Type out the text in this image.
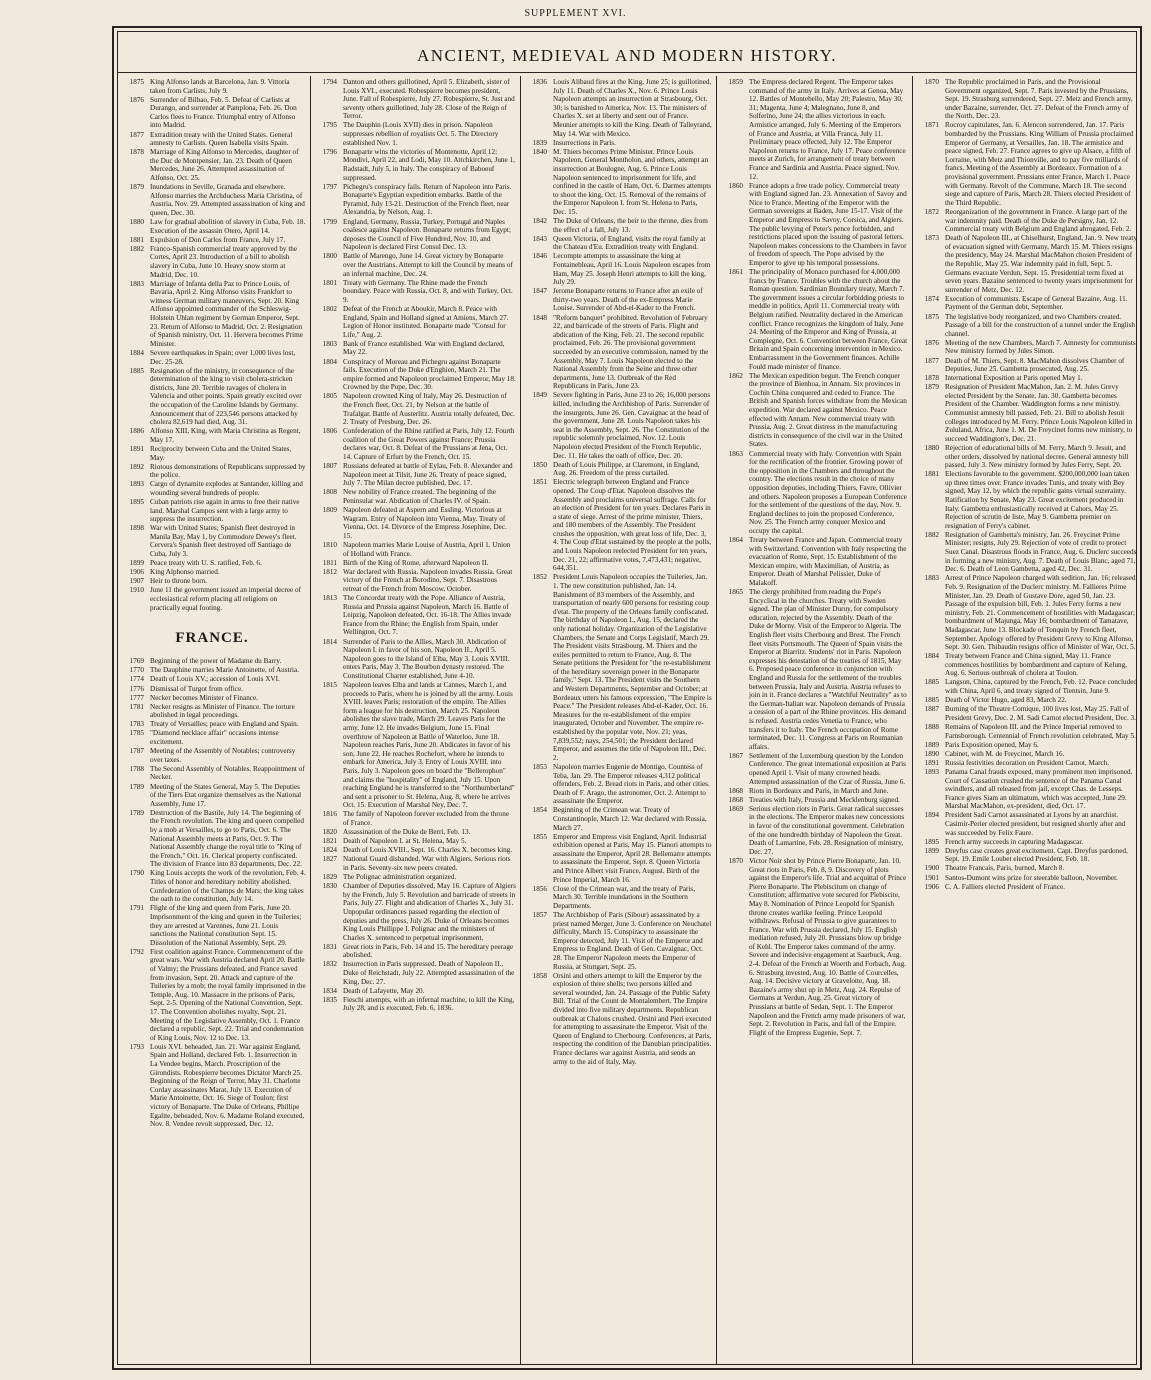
SUPPLEMENT XVI.
ANCIENT, MEDIEVAL AND MODERN HISTORY.
1875 King Alfonso lands at Barcelona, Jan. 9. Vittoria taken from Carlists, July 9.
1876 Surrender of Bilbao, Feb. 5. Defeat of Carlists at Durango, and surrender at Pamplona, Feb. 26. Don Carlos flees to France. Triumphal entry of Alfonso into Madrid.
1877 Extradition treaty with the United States. General amnesty to Carlists. Queen Isabella visits Spain.
1878 Marriage of King Alfonso to Mercedes, daughter of the Duc de Montpensier, Jan. 23. Death of Queen Mercedes, June 26. Attempted assassination of Alfonso, Oct. 25.
1879 Inundations in Seville, Granada and elsewhere. Alfonso marries the Archduchess Maria Christina, of Austria, Nov. 29. Attempted assassination of king and queen, Dec. 30.
1880 Law for gradual abolition of slavery in Cuba, Feb. 18. Execution of the assassin Otero, April 14.
1881 Expulsion of Don Carlos from France, July 17.
1882 Franco-Spanish commercial treaty approved by the Cortes, April 23. Introduction of a bill to abolish slavery in Cuba, June 10. Heavy snow storm at Madrid, Dec. 10.
1883 Marriage of Infanta della Paz to Prince Louis, of Bavaria, April 2. King Alfonso visits Frankfort to witness German military maneuvers, Sept. 20. King Alfonso appointed commander of the Schleswig-Holstein Uhlan regiment by German Emperor, Sept. 23. Return of Alfonso to Madrid, Oct. 2. Resignation of Spanish ministry, Oct. 11. Hervera becomes Prime Minister.
1884 Severe earthquakes in Spain; over 1,000 lives lost, Dec. 25-28.
1885 Resignation of the ministry, in consequence of the determination of the king to visit cholera-stricken districts, June 20. Terrible ravages of cholera in Valencia and other points. Spain greatly excited over the occupation of the Caroline Islands by Germany. Announcement that of 223,546 persons attacked by cholera 82,619 had died, Aug. 31.
1886 Alfonso XIII, King, with Maria Christina as Regent, May 17.
1891 Reciprocity between Cuba and the United States, May.
1892 Riotous demonstrations of Republicans suppressed by the police.
1893 Cargo of dynamite explodes at Santander, killing and wounding several hundreds of people.
1895 Cuban patriots rise again in arms to free their native land. Marshal Campos sent with a large army to suppress the insurrection.
1898 War with United States; Spanish fleet destroyed in Manila Bay, May 1, by Commodore Dewey's fleet. Cervera's Spanish fleet destroyed off Santiago de Cuba, July 3.
1899 Peace treaty with U. S. ratified, Feb. 6.
1906 King Alphonso married.
1907 Heir to throne born.
1910 June 11 the government issued an imperial decree of ecclesiastical reform placing all religions on practically equal footing.
FRANCE.
1769 Beginning of the power of Madame du Barry.
1770 The Dauphine marries Marie Antoinette, of Austria.
1774 Death of Louis XV.; accession of Louis XVI.
1776 Dismissal of Turgot from office.
1777 Necker becomes Minister of Finance.
1781 Necker resigns as Minister of Finance. The torture abolished in legal proceedings.
1783 Treaty of Versailles; peace with England and Spain.
1785 "Diamond necklace affair" occasions intense excitement.
1787 Meeting of the Assembly of Notables; controversy over taxes.
1788 The Second Assembly of Notables. Reappointment of Necker.
1789 Meeting of the States General, May 5. The Deputies of the Tiers Etat organize themselves as the National Assembly, June 17.
1789 Destruction of the Bastile, July 14. The beginning of the French revolution. The king and queen compelled by a mob at Versailles, to go to Paris, Oct. 6. The National Assembly meets at Paris, Oct. 9. The National Assembly change the royal title to "King of the French," Oct. 16. Clerical property confiscated. The division of France into 83 departments, Dec. 22.
1790 King Louis accepts the work of the revolution, Feb. 4. Titles of honor and hereditary nobility abolished. Confederation of the Champs de Mars; the king takes the oath to the constitution, July 14.
1791 Flight of the king and queen from Paris, June 20. Imprisonment of the king and queen in the Tuileries; they are arrested at Varennes, June 21. Louis sanctions the National constitution Sept. 15. Dissolution of the National Assembly, Sept. 29.
1792 First coalition against France. Commencement of the great wars. War with Austria declared April 20. Battle of Valmy; the Prussians defeated, and France saved from invasion, Sept. 20. Attack and capture of the Tuileries by a mob; the royal family imprisoned in the Temple, Aug. 10. Massacre in the prisons of Paris, Sept. 2-5. Opening of the National Convention, Sept. 17. The Convention abolishes royalty, Sept. 21. Meeting of the Legislative Assembly, Oct. 1. France declared a republic, Sept. 22. Trial and condemnation of King Louis, Nov. 12 to Dec. 13.
1793 Louis XVI. beheaded, Jan. 21. War against England, Spain and Holland, declared Feb. 1. Insurrection in La Vendee begins, March. Proscription of the Girondists. Robespierre becomes Dictator March 25. Beginning of the Reign of Terror, May 31. Charlotte Corday assassinates Marat, July 13. Execution of Marie Antoinette, Oct. 16. Siege of Toulon; first victory of Bonaparte. The Duke of Orleans, Phillipe Egalite, beheaded, Nov. 6. Madame Roland executed, Nov. 8. Vendee revolt suppressed, Dec. 12.
1794 Danton and others guillotined, April 5. Elizabeth, sister of Louis XVI., executed. Robespierre becomes president, June. Fall of Robespierre, July 27. Robespierre, St. Just and seventy others guillotined, July 28. Close of the Reign of Terror.
1795 The Dauphin (Louis XVII) dies in prison. Napoleon suppresses rebellion of royalists Oct. 5. The Directory established Nov. 1.
1796 Bonaparte wins the victories of Montenotte, April 12; Mondivi, April 22, and Lodi, May 10. Attchkirchen, June 1, Radstadt, July 5, in Italy. The conspiracy of Baboeuf suppressed.
1797 Pichegru's conspiracy fails. Return of Napoleon into Paris. Bonaparte's Egyptian expedition embarks. Battle of the Pyramid, July 13-21. Destruction of the French fleet, near Alexandria, by Nelson, Aug. 1.
1799 England, Germany, Russia, Turkey, Portugal and Naples coalesce against Napoleon. Bonaparte returns from Egypt; deposes the Council of Five Hundred, Nov. 10, and Napoleon is declared First Consul Dec. 13.
1800 Battle of Marengo, June 14. Great victory by Bonaparte over the Austrians. Attempt to kill the Council by means of an infernal machine, Dec. 24.
1801 Treaty with Germany. The Rhine made the French boundary. Peace with Russia, Oct. 8, and with Turkey, Oct. 9.
1802 Defeat of the French at Aboukir, March 8. Peace with England, Spain and Holland signed at Amiens, March 27. Legion of Honor instituted. Bonaparte made "Consul for Life," Aug. 2.
1803 Bank of France established. War with England declared, May 22.
1804 Conspiracy of Moreau and Pichegru against Bonaparte fails. Execution of the Duke d'Enghien, March 21. The empire formed and Napoleon proclaimed Emperor, May 18. Crowned by the Pope, Dec. 30.
1805 Napoleon crowned King of Italy, May 26. Destruction of the French fleet, Oct. 21, by Nelson at the battle of Trafalgar. Battle of Austerlitz. Austria totally defeated, Dec. 2. Treaty of Presburg, Dec. 26.
1806 Confederation of the Rhine ratified at Paris, July 12. Fourth coalition of the Great Powers against France; Prussia declares war, Oct. 8. Defeat of the Prussians at Jena, Oct. 14. Capture of Erfurt by the French, Oct. 15.
1807 Russians defeated at battle of Eylau, Feb. 8. Alexander and Napoleon meet at Tilsit, June 26. Treaty of peace signed, July 7. The Milan decree published, Dec. 17.
1808 New nobility of France created. The beginning of the Peninsular war. Abdication of Charles IV. of Spain.
1809 Napoleon defeated at Aspern and Essling. Victorious at Wagram. Entry of Napoleon into Vienna, May. Treaty of Vienna, Oct. 14. Divorce of the Empress Josephine, Dec. 15.
1810 Napoleon marries Marie Louise of Austria, April 1. Union of Holland with France.
1811 Birth of the King of Rome, afterward Napoleon II.
1812 War declared with Russia. Napoleon invades Russia. Great victory of the French at Borodino, Sept. 7. Disastrous retreat of the French from Moscow, October.
1813 The Concordat treaty with the Pope. Alliance of Austria, Russia and Prussia against Napoleon, March 16. Battle of Leipzig. Napoleon defeated, Oct. 16-18. The Allies invade France from the Rhine; the English from Spain, under Wellington, Oct. 7.
1814 Surrender of Paris to the Allies, March 30. Abdication of Napoleon I. in favor of his son, Napoleon II., April 5. Napoleon goes to the Island of Elba, May 3. Louis XVIII. enters Paris, May 3. The Bourbon dynasty restored. The Constitutional Charter established, June 4-10.
1815 Napoleon leaves Elba and lands at Cannes, March 1, and proceeds to Paris, where he is joined by all the army. Louis XVIII. leaves Paris; restoration of the empire. The Allies form a league for his destruction, March 25. Napoleon abolishes the slave trade, March 29. Leaves Paris for the army, June 12. He invades Belgium, June 15. Final overthrow of Napoleon at Battle of Waterloo, June 18. Napoleon reaches Paris, June 20. Abdicates in favor of his son, June 22. He reaches Rochefort, where he intends to embark for America, July 3. Entry of Louis XVIII. into Paris, July 3. Napoleon goes on board the "Bellerophon" and claims the "hospitality" of England, July 15. Upon reaching England he is transferred to the "Northumberland" and sent a prisoner to St. Helena, Aug. 8, where he arrives Oct. 15. Execution of Marshal Ney, Dec. 7.
1816 The family of Napoleon forever excluded from the throne of France.
1820 Assassination of the Duke de Berri, Feb. 13.
1821 Death of Napoleon I. at St. Helena, May 5.
1824 Death of Louis XVIII., Sept. 16. Charles X. becomes king.
1827 National Guard disbanded. War with Algiers. Serious riots in Paris. Seventy-six new peers created.
1829 The Polignac administration organized.
1830 Chamber of Deputies dissolved, May 16. Capture of Algiers by the French, July 5. Revolution and barricade of streets in Paris, July 27. Flight and abdication of Charles X., July 31. Unpopular ordinances passed regarding the election of deputies and the press, July 26. Duke of Orleans becomes King Louis Phillippe I. Polignac and the ministers of Charles X. sentenced to perpetual imprisonment.
1831 Great riots in Paris, Feb. 14 and 15. The hereditary peerage abolished.
1832 Insurrection in Paris suppressed. Death of Napoleon II., Duke of Reichstadt, July 22. Attempted assassination of the King, Dec. 27.
1834 Death of Lafayette, May 20.
1835 Fieschi attempts, with an infernal machine, to kill the King, July 28, and is executed, Feb. 6, 1836.
1836 Louis Alibaud fires at the King, June 25; is guillotined, July 11. Death of Charles X., Nov. 6. Prince Louis Napoleon attempts an insurrection at Strasbourg, Oct. 30; is banished to America, Nov. 13. The ministers of Charles X. set at liberty and sent out of France. Meunier attempts to kill the King. Death of Talleyrand, May 14. War with Mexico.
1839 Insurrections in Paris.
1840 M. Thiers becomes Prime Minister. Prince Louis Napoleon, General Montholon, and others, attempt an insurrection at Boulogne, Aug. 6. Prince Louis Napoleon sentenced to imprisonment for life, and confined in the castle of Ham, Oct. 6. Darmes attempts to shoot the king, Oct. 15. Removal of the remains of the Emperor Napoleon I. from St. Helena to Paris, Dec. 15.
1842 The Duke of Orleans, the heir to the throne, dies from the effect of a fall, July 13.
1843 Queen Victoria, of England, visits the royal family at the Chateau d'Eu. Extradition treaty with England.
1846 Lecompte attempts to assassinate the king at Fontainebleau, April 16. Louis Napoleon escapes from Ham, May 25. Joseph Henri attempts to kill the king, July 29.
1847 Jerome Bonaparte returns to France after an exile of thirty-two years. Death of the ex-Empress Marie Louise. Surrender of Abd-el-Kader to the French.
1848 "Reform banquet" prohibited. Revolution of February 22, and barricade of the streets of Paris. Flight and abdication of the King, Feb. 21. The second republic proclaimed, Feb. 26. The provisional government succeeded by an executive commission, named by the Assembly, May 7. Louis Napoleon elected to the National Assembly from the Seine and three other departments, June 13. Outbreak of the Red Republicans in Paris, June 23.
1849 Severe fighting in Paris, June 23 to 26; 16,000 persons killed, including the Archbishop of Paris. Surrender of the insurgents, June 26. Gen. Cavaignac at the head of the government, June 28. Louis Napoleon takes his seat in the Assembly, Sept. 26. The Constitution of the republic solemnly proclaimed, Nov. 12. Louis Napoleon elected President of the French Republic, Dec. 11. He takes the oath of office, Dec. 20.
1850 Death of Louis Philippe, at Claremont, in England, Aug. 26. Freedom of the press curtailed.
1851 Electric telegraph between England and France opened. The Coup d'Etat. Napoleon dissolves the Assembly and proclaims universal suffrage. Calls for an election of President for ten years. Declares Paris in a state of siege. Arrest of the prime minister, Thiers, and 180 members of the Assembly. The President crushes the opposition, with great loss of life, Dec. 3, 4. The Coup d'Etat sustained by the people at the polls, and Louis Napoleon reelected President for ten years, Dec. 21, 22; affirmative votes, 7,473,431; negative, 644,351.
1852 President Louis Napoleon occupies the Tuileries, Jan. 1. The new constitution published, Jan. 14. Banishment of 83 members of the Assembly, and transportation of nearly 600 persons for resisting coup d'etat. The property of the Orleans family confiscated. The birthday of Napoleon I., Aug. 15, declared the only national holiday. Organization of the Legislative Chambers, the Senate and Corps Legislatif, March 29. The President visits Strasbourg. M. Thiers and the exiles permitted to return to France, Aug. 8. The Senate petitions the President for "the re-establishment of the hereditary sovereign power in the Bonaparte family," Sept. 13. The President visits the Southern and Western Departments, September and October; at Bordeaux utters his famous expression, "The Empire is Peace." The President releases Abd-el-Kader, Oct. 16. Measures for the re-establishment of the empire inaugurated, October and November. The empire re-established by the popular vote, Nov. 21; yeas, 7,839,552; nays, 254,501; the President declared Emperor, and assumes the title of Napoleon III., Dec. 2.
1853 Napoleon marries Eugenie de Montigo, Countess of Teba, Jan. 29. The Emperor releases 4,312 political offenders, Feb. 2. Bread riots in Paris, and other cities. Death of F. Arago, the astronomer, Oct. 2. Attempt to assassinate the Emperor.
1854 Beginning of the Crimean war. Treaty of Constantinople, March 12. War declared with Russia, March 27.
1855 Emperor and Empress visit England, April. Industrial exhibition opened at Paris, May 15. Pianori attempts to assassinate the Emperor, April 28. Bellemarre attempts to assassinate the Emperor, Sept. 8. Queen Victoria and Prince Albert visit France, August. Birth of the Prince Imperial, March 16.
1856 Close of the Crimean war, and the treaty of Paris, March 30. Terrible inundations in the Southern Departments.
1857 The Archbishop of Paris (Sibour) assassinated by a priest named Merger, June 3. Conference on Neuchatel difficulty, March 15. Conspiracy to assassinate the Emperor detected, July 11. Visit of the Emperor and Empress to England. Death of Gen. Cavaignac, Oct. 28. The Emperor Napoleon meets the Emperor of Russia, at Stuttgart, Sept. 25.
1858 Orsini and others attempt to kill the Emperor by the explosion of three shells; two persons killed and several wounded, Jan. 24. Passage of the Public Safety Bill. Trial of the Count de Montalembert. The Empire divided into five military departments. Republican outbreak at Chalons crushed. Orsini and Pieri executed for attempting to assassinate the Emperor. Visit of the Queen of England to Cherbourg. Conferences, at Paris, respecting the condition of the Danubian principalities. France declares war against Austria, and sends an army to the aid of Italy, May.
1859 The Empress declared Regent. The Emperor takes command of the army in Italy. Arrives at Genoa, May 12. Battles of Montebello, May 20; Palestro, May 30, 31; Magenta, June 4; Malegnano, June 8, and Solferino, June 24; the allies victorious in each. Armistice arranged, July 6. Meeting of the Emperors of France and Austria, at Villa Franca, July 11. Preliminary peace effected, July 12. The Emperor Napoleon returns to France, July 17. Peace conference meets at Zurich, for arrangement of treaty between France and Sardinia and Austria. Peace signed, Nov. 12.
1860 France adopts a free trade policy. Commercial treaty with England signed Jan. 23. Annexation of Savoy and Nice to France. Meeting of the Emperor with the German sovereigns at Baden, June 15-17. Visit of the Emperor and Empress to Savoy, Corsica, and Algiers. The public levying of Peter's pence forbidden, and restrictions placed upon the issuing of pastoral letters. Napoleon makes concessions to the Chambers in favor of freedom of speech. The Pope advised by the Emperor to give up his temporal possessions.
1861 The principality of Monaco purchased for 4,000,000 francs by France. Troubles with the church about the Roman question. Sardinian Boundary treaty, March 7. The government issues a circular forbidding priests to meddle in politics, April 11. Commercial treaty with Belgium ratified. Neutrality declared in the American conflict. France recognizes the kingdom of Italy, June 24. Meeting of the Emperor and King of Prussia, at Compiegne, Oct. 6. Convention between France, Great Britain and Spain concerning intervention in Mexico. Embarrassment in the Government finances. Achille Fould made minister of finance.
1862 The Mexican expedition begun. The French conquer the province of Bienhoa, in Annam. Six provinces in Cochin China conquered and ceded to France. The British and Spanish forces withdraw from the Mexican expedition. War declared against Mexico. Peace effected with Annam. New commercial treaty with Prussia, Aug. 2. Great distress in the manufacturing districts in consequence of the civil war in the United States.
1863 Commercial treaty with Italy. Convention with Spain for the rectification of the frontier. Growing power of the opposition in the Chambers and throughout the country. The elections result in the choice of many opposition deputies, including Thiers, Favre, Ollivier and others. Napoleon proposes a European Conference for the settlement of the questions of the day, Nov. 9. England declines to join the proposed Conference, Nov. 25. The French army conquer Mexico and occupy the capital.
1864 Treaty between France and Japan. Commercial treaty with Switzerland. Convention with Italy respecting the evacuation of Rome, Sept. 15. Establishment of the Mexican empire, with Maximilian, of Austria, as Emperor. Death of Marshal Pelissier, Duke of Malakoff.
1865 The clergy prohibited from reading the Pope's Encyclical in the churches. Treaty with Sweden signed. The plan of Minister Duruy, for compulsory education, rejected by the Assembly. Death of the Duke de Morny. Visit of the Emperor to Algeria. The English fleet visits Cherbourg and Brest. The French fleet visits Portsmouth. The Queen of Spain visits the Emperor at Biarritz. Students' riot in Paris. Napoleon expresses his detestation of the treaties of 1815, May 6. Proposed peace conference in conjunction with England and Russia for the settlement of the troubles between Prussia, Italy and Austria. Austria refuses to join in it. France declares a "Watchful Neutrality" as to the German-Italian war. Napoleon demands of Prussia a cession of a part of the Rhine provinces. His demand is refused. Austria cedes Venetia to France, who transfers it to Italy. The French occupation of Rome terminated, Dec. 11. Congress at Paris on Roumanian affairs.
1867 Settlement of the Luxemburg question by the London Conference. The great international exposition at Paris opened April 1. Visit of many crowned heads. Attempted assassination of the Czar of Russia, June 6.
1868 Riots in Bordeaux and Paris, in March and June.
1868 Treaties with Italy, Prussia and Mecklenburg signed.
1869 Serious election riots in Paris. Great radical successes in the elections. The Emperor makes new concessions in favor of the constitutional government. Celebration of the one hundredth birthday of Napoleon the Great. Death of Lamartine, Feb. 28. Resignation of ministry, Dec. 27.
1870 Victor Noir shot by Prince Pierre Bonaparte, Jan. 10. Great riots in Paris, Feb. 8, 9. Discovery of plots against the Emperor's life. Trial and acquittal of Prince Pierre Bonaparte. The Plebiscitum on change of Constitution; affirmative vote secured for Plebiscite, May 8. Nomination of Prince Leopold for Spanish throne creates warlike feeling. Prince Leopold withdraws. Refusal of Prussia to give guarantees to France. War with Prussia declared, July 15. English mediation refused, July 20. Prussians blow up bridge of Kehl. The Emperor takes command of the army. Severe and indecisive engagement at Saarbuck, Aug. 2-4. Defeat of the French at Woerth and Forbach, Aug. 6. Strasburg invested, Aug. 10. Battle of Courcelles, Aug. 14. Decisive victory at Gravelotte, Aug. 18. Bazaine's army shut up in Metz, Aug. 24. Repulse of Germans at Verdun, Aug. 25. Great victory of Prussians at battle of Sedan, Sept. 1. The Emperor Napoleon and the French army made prisoners of war, Sept. 2. Revolution in Paris, and fall of the Empire. Flight of the Empress Eugenie, Sept. 7.
1870 The Republic proclaimed in Paris, and the Provisional Government organized, Sept. 7. Paris invested by the Prussians, Sept. 19. Strasburg surrendered, Sept. 27. Metz and French army, under Bazaine, surrender, Oct. 27. Defeat of the French army of the North, Dec. 23.
1871 Rocroy capitulates, Jan. 6. Alencon surrendered, Jan. 17. Paris bombarded by the Prussians. King William of Prussia proclaimed Emperor of Germany, at Versailles, Jan. 18. The armistice and peace signed, Feb. 27. France agrees to give up Alsace, a fifth of Lorraine, with Metz and Thionville, and to pay five milliards of francs. Meeting of the Assembly at Bordeaux. Formation of a provisional government. Prussians enter France, March 1. Peace with Germany. Revolt of the Commune, March 18. The second siege and capture of Paris, March 28. Thiers elected President of the Third Republic.
1872 Reorganization of the government in France. A large part of the war indemnity paid. Death of the Duke de Persigny, Jan. 12. Commercial treaty with Belgium and England abrogated, Feb. 2.
1873 Death of Napoleon III., at Chiselhurst, England, Jan. 9. New treaty of evacuation signed with Germany, March 15. M. Thiers resigns the presidency, May 24. Marshal MacMahon chosen President of the Republic, May 25. War indemnity paid in full, Sept. 5. Germans evacuate Verdun, Sept. 15. Presidential term fixed at seven years. Bazaine sentenced to twenty years imprisonment for surrender of Metz, Dec. 12.
1874 Execution of communists. Escape of General Bazaine, Aug. 11. Payment of the German debt, September.
1875 The legislative body reorganized, and two Chambers created. Passage of a bill for the construction of a tunnel under the English channel.
1876 Meeting of the new Chambers, March 7. Amnesty for communists. New ministry formed by Jules Simon.
1877 Death of M. Thiers, Sept. 8. MacMahon dissolves Chamber of Deputies, June 25. Gambetta prosecuted, Aug. 25.
1878 International Exposition at Paris opened May 1.
1879 Resignation of President MacMahon, Jan. 2. M. Jules Grevy elected President by the Senate, Jan. 30. Gambetta becomes President of the Chamber. Waddington forms a new ministry. Communist amnesty bill passed, Feb. 21. Bill to abolish Jesuit colleges introduced by M. Ferry. Prince Louis Napoleon killed in Zululand, Africa, June 1. M. De Freycinet forms new ministry, to succeed Waddington's, Dec. 21.
1880 Rejection of educational bills of M. Ferry, March 9. Jesuit, and other orders, dissolved by national decree. General amnesty bill passed, July 3. New ministry formed by Jules Ferry, Sept. 20.
1881 Elections favorable to the government. $200,000,000 loan taken up three times over. France invades Tunis, and treaty with Bey signed, May 12, by which the republic gains virtual suzerainty. Ratification by Senate, May 23. Great excitement produced in Italy. Gambetta enthusiastically received at Cahors, May 25. Rejection of scrutin de liste, May 9. Gambetta premier on resignation of Ferry's cabinet.
1882 Resignation of Gambetta's ministry, Jan. 26. Freycinet Prime Minister; resigns, July 29. Rejection of vote of credit to protect Suez Canal. Disastrous floods in France, Aug. 6. Duclerc succeeds in forming a new ministry, Aug. 7. Death of Louis Blanc, aged 71, Dec. 6. Death of Leon Gambetta, aged 42, Dec. 31.
1883 Arrest of Prince Napoleon charged with sedition, Jan. 16; released, Feb. 9. Resignation of the Duclerc ministry. M. Fallieres Prime Minister, Jan. 29. Death of Gustave Dore, aged 50, Jan. 23. Passage of the expulsion bill, Feb. 1. Jules Ferry forms a new ministry, Feb. 21. Commencement of hostilities with Madagascar; bombardment of Majunga, May 16; bombardment of Tamatave, Madagascar, June 13. Blockade of Tonquin by French fleet, September. Apology offered by President Grevy to King Alfonso, Sept. 30. Gen. Thibaudin resigns office of Minister of War, Oct. 5.
1884 Treaty between France and China signed, May 11. France commences hostilities by bombardment and capture of Kelung, Aug. 6. Serious outbreak of cholera at Toulon.
1885 Langson, China, captured by the French, Feb. 12. Peace concluded with China, April 6, and treaty signed of Tientsin, June 9.
1885 Death of Victor Hugo, aged 83, March 22.
1887 Burning of the Theatre Comique, 100 lives lost, May 25. Fall of President Grevy, Dec. 2. M. Sadi Carnot elected President, Dec. 3.
1888 Remains of Napoleon III. and the Prince Imperial removed to Farnsborough. Centennial of French revolution celebrated, May 5.
1889 Paris Exposition opened, May 6.
1890 Cabinet, with M. de Freycinet, March 16.
1891 Russia festivities decoration on President Carnot, March.
1893 Panama Canal frauds exposed, many prominent men imprisoned. Court of Cassation crushed the sentence of the Panama Canal swindlers, and all released from jail, except Chas. de Lesseps. France gives Siam an ultimatum, which was accepted, June 29. Marshal MacMahon, ex-president, died, Oct. 17.
1894 President Sadi Carnot assassinated at Lyons by an anarchist. Casimir-Perier elected president, but resigned shortly after and was succeeded by Felix Faure.
1895 French army succeeds in capturing Madagascar.
1899 Dreyfus case creates great excitement. Capt. Dreyfus pardoned, Sept. 19. Emile Loubet elected President, Feb. 18.
1900 Theatre Francais, Paris, burned, March 8.
1901 Santos-Dumont wins prize for steerable balloon, November.
1906 C. A. Falliers elected President of France.
